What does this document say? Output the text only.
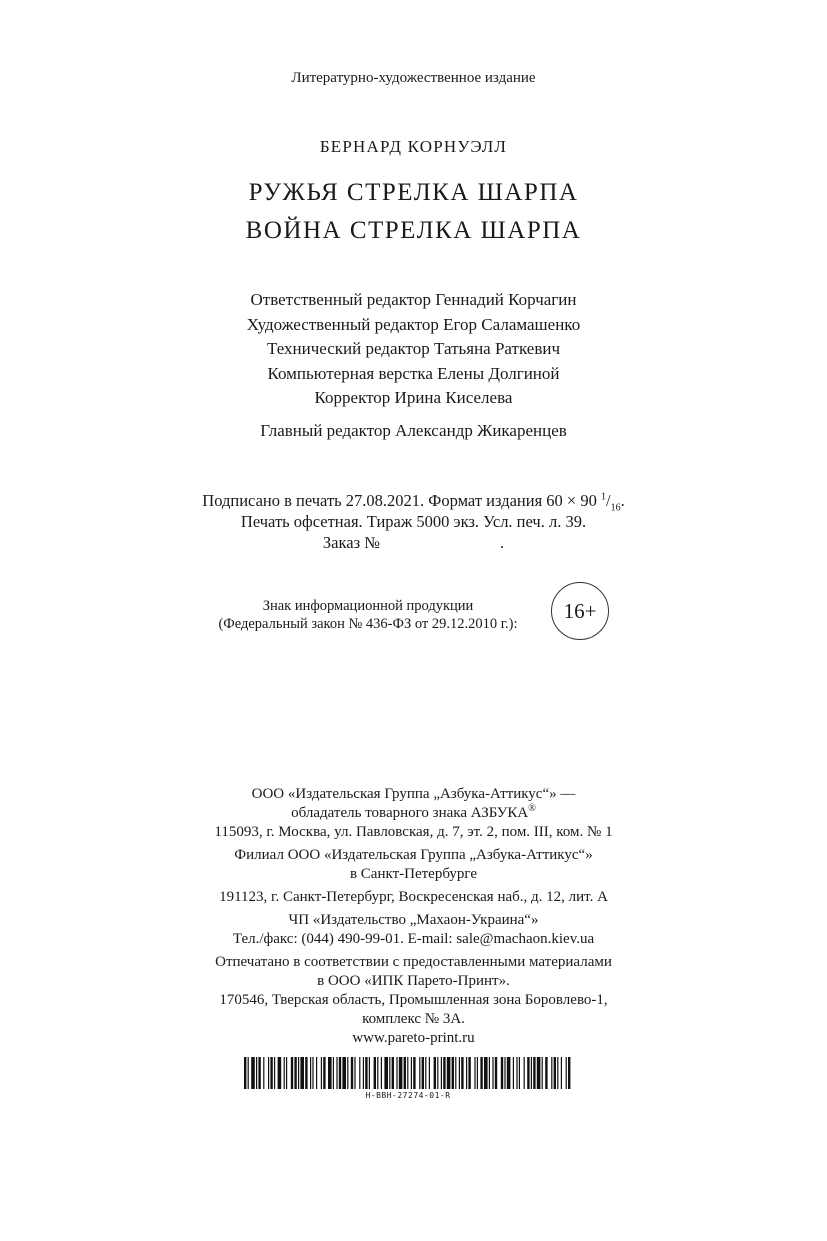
Литературно-художественное издание
БЕРНАРД КОРНУЭЛЛ
РУЖЬЯ СТРЕЛКА ШАРПА
ВОЙНА СТРЕЛКА ШАРПА
Ответственный редактор Геннадий Корчагин
Художественный редактор Егор Саламашенко
Технический редактор Татьяна Раткевич
Компьютерная верстка Елены Долгиной
Корректор Ирина Киселева
Главный редактор Александр Жикаренцев
Подписано в печать 27.08.2021. Формат издания 60 × 90 $^1/_{16}$.
Печать офсетная. Тираж 5000 экз. Усл. печ. л. 39.
Заказ №	.
Знак информационной продукции
(Федеральный закон № 436-ФЗ от 29.12.2010 г.):
16+
ООО «Издательская Группа „Азбука-Аттикус“» —
обладатель товарного знака АЗБУКА®
115093, г. Москва, ул. Павловская, д. 7, эт. 2, пом. III, ком. № 1
Филиал ООО «Издательская Группа „Азбука-Аттикус“»
в Санкт-Петербурге
191123, г. Санкт-Петербург, Воскресенская наб., д. 12, лит. А
ЧП «Издательство „Махаон-Украина“»
Тел./факс: (044) 490-99-01. E-mail: sale@machaon.kiev.ua
Отпечатано в соответствии с предоставленными материалами
в ООО «ИПК Парето-Принт».
170546, Тверская область, Промышленная зона Боровлево-1,
комплекс № 3А.
www.pareto-print.ru
H-BBH-27274-01-R
